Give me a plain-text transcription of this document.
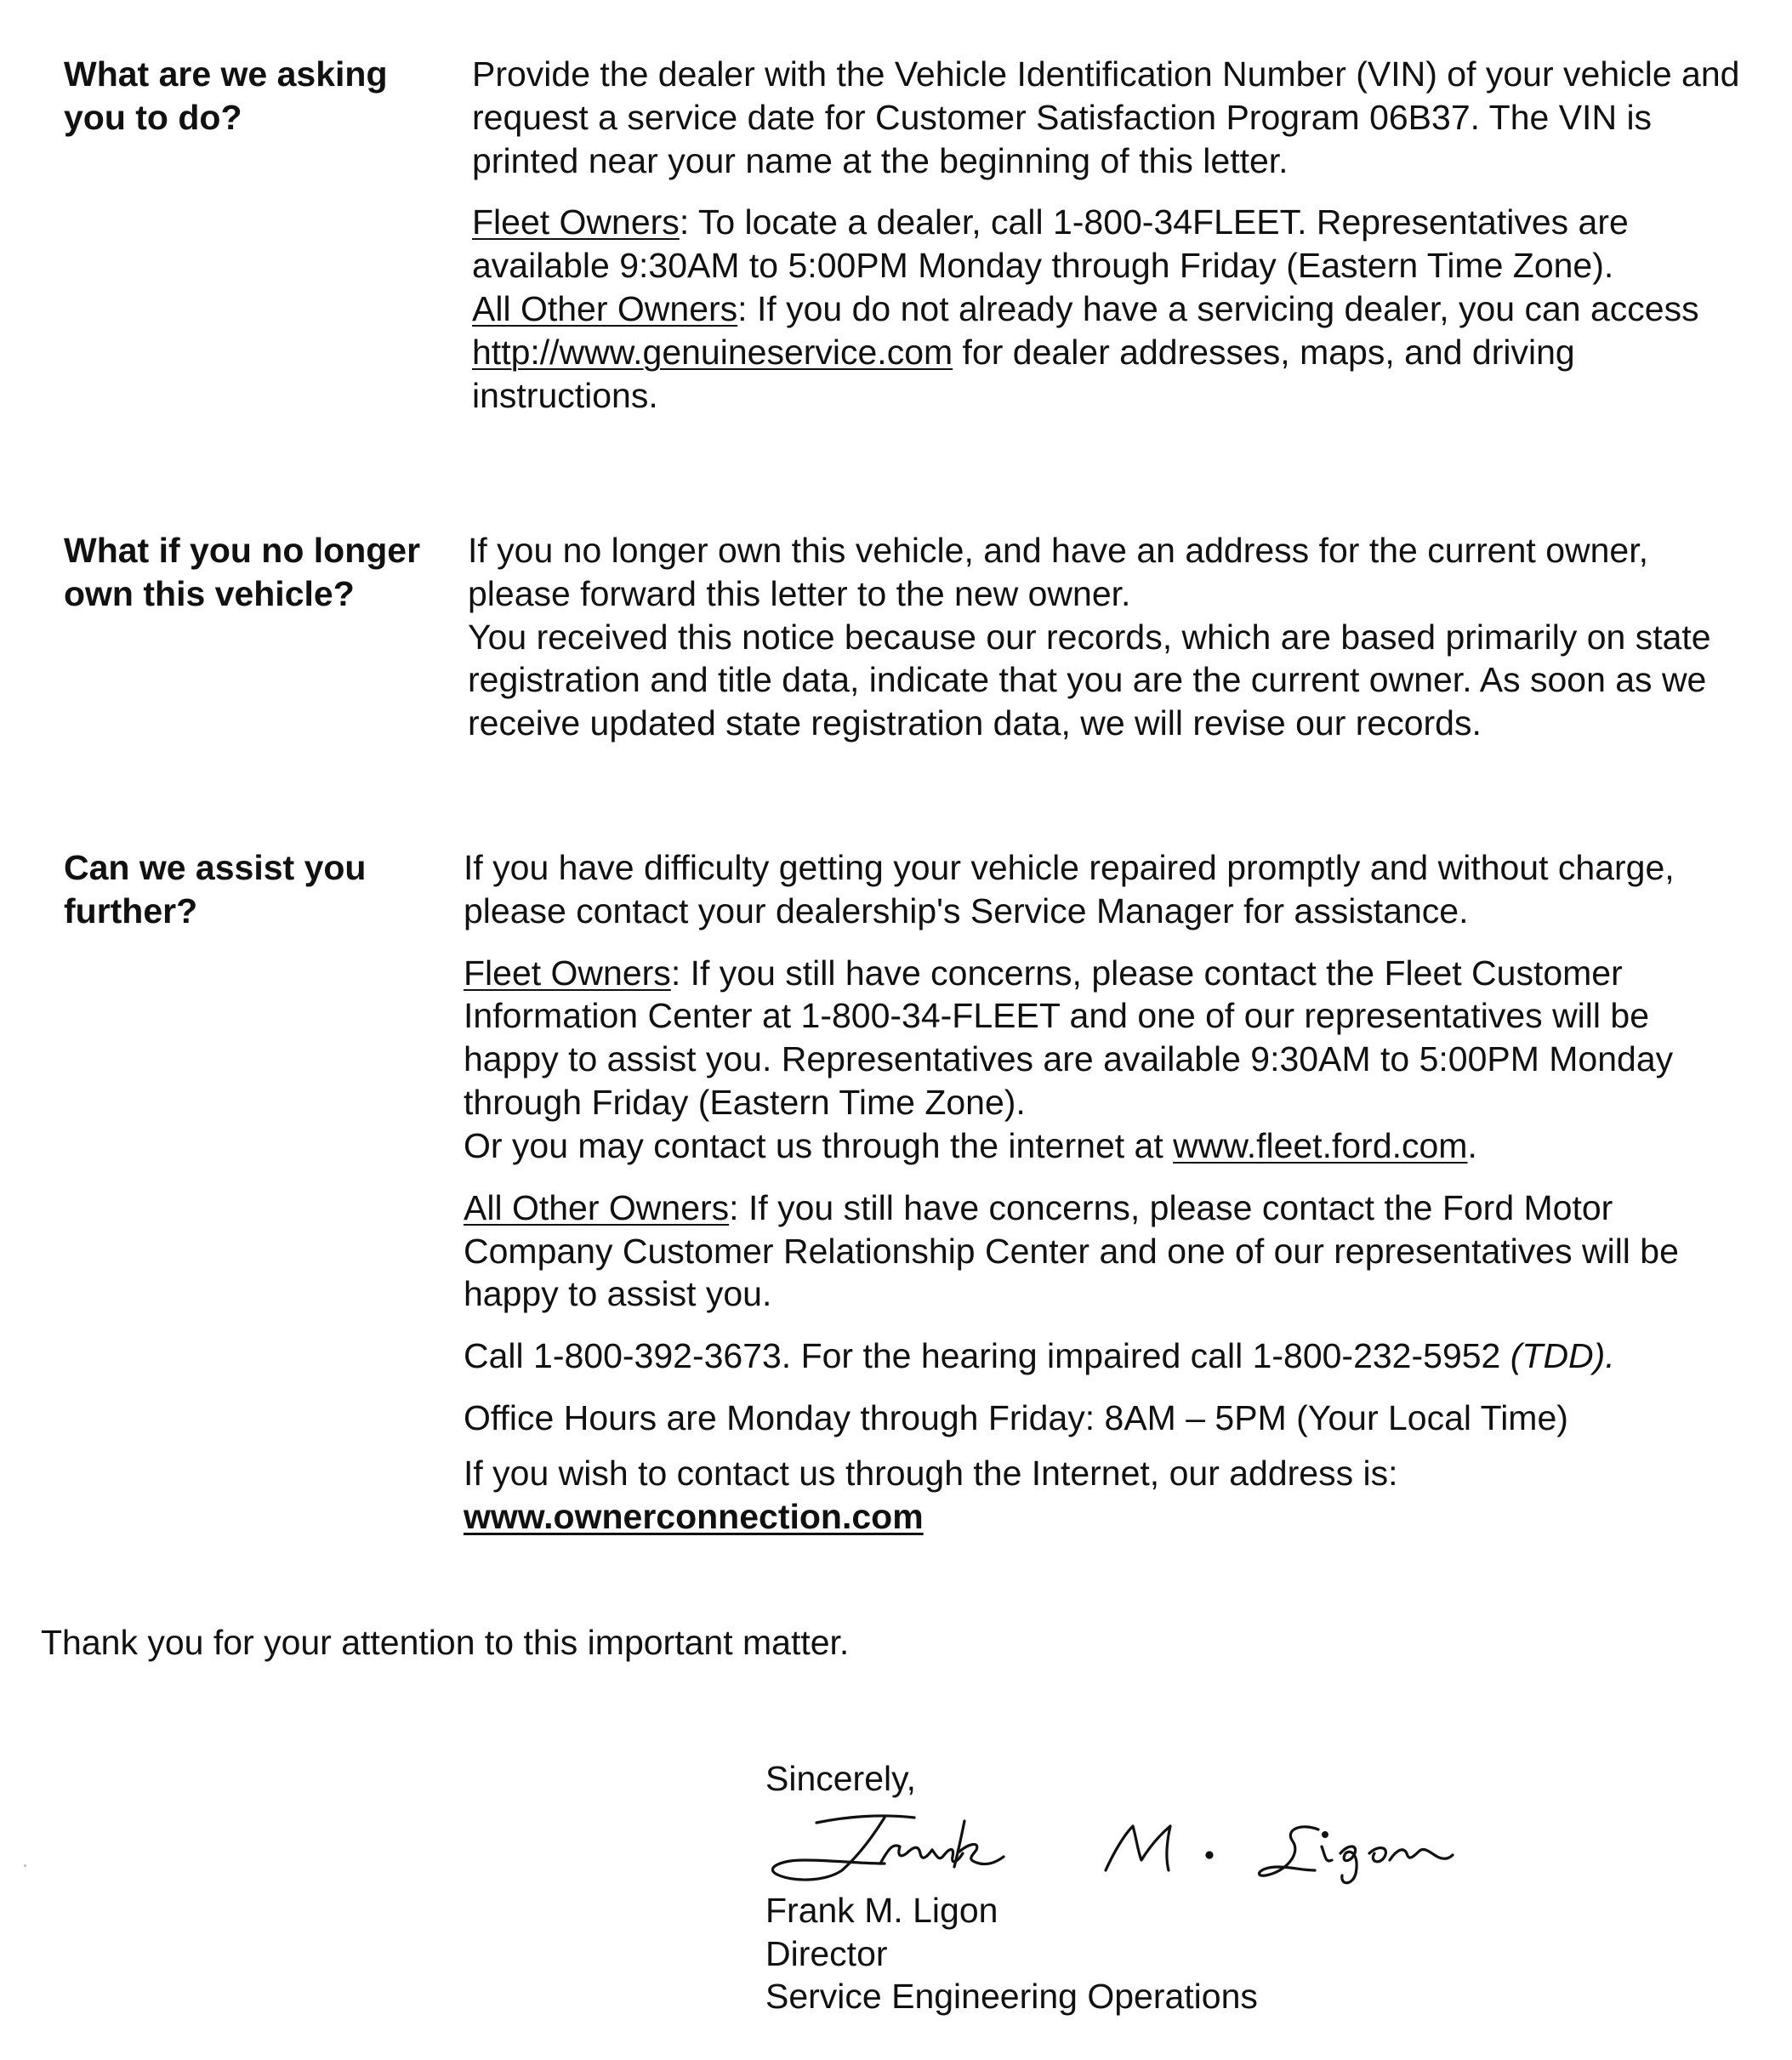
What are we asking you to do?

Provide the dealer with the Vehicle Identification Number (VIN) of your vehicle and request a service date for Customer Satisfaction Program 06B37. The VIN is printed near your name at the beginning of this letter.

Fleet Owners: To locate a dealer, call 1-800-34FLEET. Representatives are available 9:30AM to 5:00PM Monday through Friday (Eastern Time Zone).

All Other Owners: If you do not already have a servicing dealer, you can access http://www.genuineservice.com for dealer addresses, maps, and driving instructions.

What if you no longer own this vehicle?

If you no longer own this vehicle, and have an address for the current owner, please forward this letter to the new owner.

You received this notice because our records, which are based primarily on state registration and title data, indicate that you are the current owner. As soon as we receive updated state registration data, we will revise our records.

Can we assist you further?

If you have difficulty getting your vehicle repaired promptly and without charge, please contact your dealership's Service Manager for assistance.

Fleet Owners: If you still have concerns, please contact the Fleet Customer Information Center at 1-800-34-FLEET and one of our representatives will be happy to assist you. Representatives are available 9:30AM to 5:00PM Monday through Friday (Eastern Time Zone).

Or you may contact us through the internet at www.fleet.ford.com.

All Other Owners: If you still have concerns, please contact the Ford Motor Company Customer Relationship Center and one of our representatives will be happy to assist you.

Call 1-800-392-3673. For the hearing impaired call 1-800-232-5952 (TDD).

Office Hours are Monday through Friday: 8AM – 5PM (Your Local Time)

If you wish to contact us through the Internet, our address is:

www.ownerconnection.com

Thank you for your attention to this important matter.

Sincerely,

Frank M. Ligon

Director

Service Engineering Operations
